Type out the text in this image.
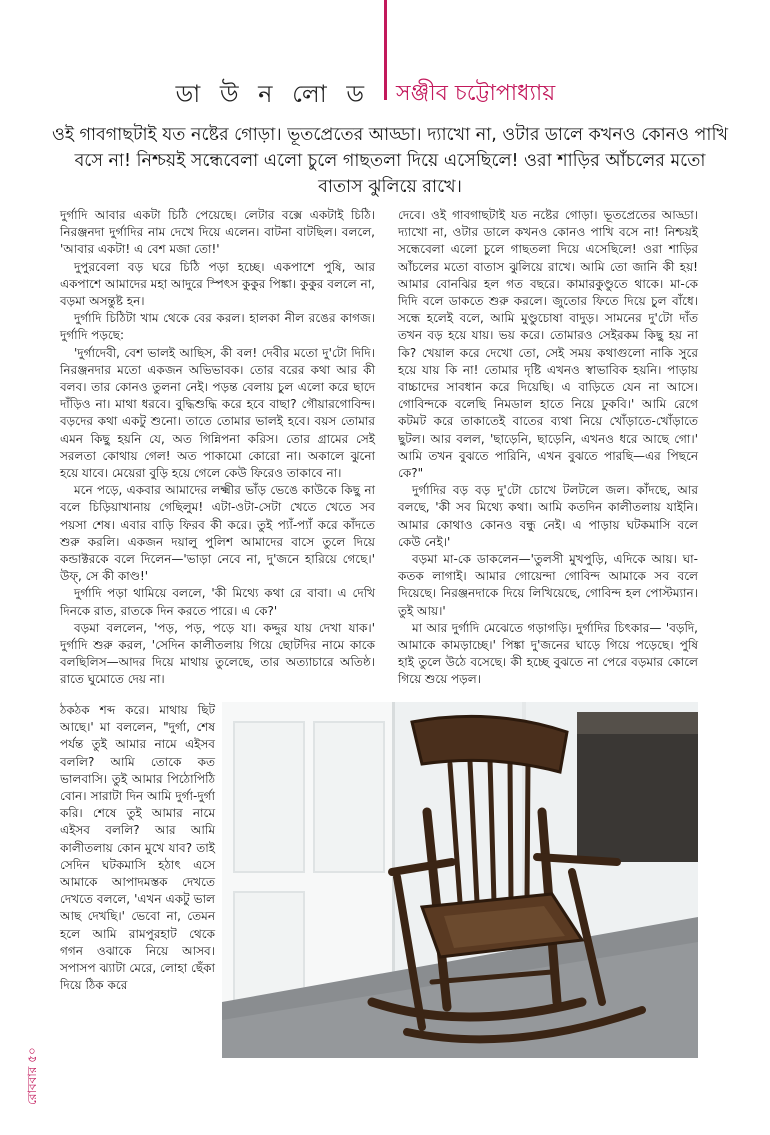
ডা উ ন লো ড সঞ্জীব চট্টোপাধ্যায়
ওই গাবগাছটাই যত নষ্টের গোড়া। ভূতপ্রেতের আড্ডা। দ্যাখো না, ওটার ডালে কখনও কোনও পাখি বসে না! নিশ্চয়ই সন্ধেবেলা এলো চুলে গাছতলা দিয়ে এসেছিলে! ওরা শাড়ির আঁচলের মতো বাতাস ঝুলিয়ে রাখে।

দুর্গাদি আবার একটা চিঠি পেয়েছে। লেটার বক্সে একটাই চিঠি। নিরঞ্জনদা দুর্গাদির নাম দেখে দিয়ে এলেন। বাটনা বাটছিল। বললে, 'আবার একটা! এ বেশ মজা তো!'

দুপুরবেলা বড় ঘরে চিঠি পড়া হচ্ছে। একপাশে পুষি, আর একপাশে আমাদের মহা আদুরে স্পিৎস কুকুর পিঙ্কা। কুকুর বললে না, বড়মা অসন্তুষ্ট হন।

দুর্গাদি চিঠিটা খাম থেকে বের করল। হালকা নীল রঙের কাগজ। দুর্গাদি পড়ছে:

'দুর্গাদেবী, বেশ ভালই আছিস, কী বল! দেবীর মতো দু'টো দিদি। নিরঞ্জনদার মতো একজন অভিভাবক। তোর বরের কথা আর কী বলব। তার কোনও তুলনা নেই। পড়ন্ত বেলায় চুল এলো করে ছাদে দাঁড়িও না। মাথা ধরবে। বুদ্ধিশুদ্ধি করে হবে বাছা? গৌয়ারগোবিন্দ। বড়দের কথা একটু শুনো। তাতে তোমার ভালই হবে। বয়স তোমার এমন কিছু হয়নি যে, অত গিন্নিপনা করিস। তোর গ্রামের সেই সরলতা কোথায় গেল! অত পাকামো কোরো না। অকালে ঝুনো হয়ে যাবে। মেয়েরা বুড়ি হয়ে গেলে কেউ ফিরেও তাকাবে না।

মনে পড়ে, একবার আমাদের লক্ষ্মীর ভাঁড় ভেঙে কাউকে কিছু না বলে চিড়িয়াখানায় গেছিলুম! এটা-ওটা-সেটা খেতে খেতে সব পয়সা শেষ। এবার বাড়ি ফিরব কী করে। তুই প্যাঁ-প্যাঁ করে কাঁদতে শুরু করলি। একজন দয়ালু পুলিশ আমাদের বাসে তুলে দিয়ে কন্ডাক্টরকে বলে দিলেন—'ভাড়া নেবে না, দু'জনে হারিয়ে গেছে।' উফ্, সে কী কাণ্ড!'

দুর্গাদি পড়া থামিয়ে বললে, 'কী মিথ্যে কথা রে বাবা। এ দেখি দিনকে রাত, রাতকে দিন করতে পারে। এ কে?'

বড়মা বললেন, 'পড়, পড়, পড়ে যা। কদ্দুর যায় দেখা যাক।' দুর্গাদি শুরু করল, 'সেদিন কালীতলায় গিয়ে ছোটদির নামে কাকে বলছিলিস—আদর দিয়ে মাথায় তুলেছে, তার অত্যাচারে অতিষ্ঠ। রাতে ঘুমোতে দেয় না।

ঠকঠক শব্দ করে। মাথায় ছিট আছে।' মা বললেন, "দুর্গা, শেষ পর্যন্ত তুই আমার নামে এইসব বললি? আমি তোকে কত ভালবাসি। তুই আমার পিঠোপিঠি বোন। সারাটা দিন আমি দুর্গা-দুর্গা করি। শেষে তুই আমার নামে এইসব বললি? আর আমি কালীতলায় কোন মুখে যাব? তাই সেদিন ঘটকমাসি হঠাৎ এসে আমাকে আপাদমস্তক দেখতে দেখতে বললে, 'এখন একটু ভাল আছ দেখছি।' ভেবো না, তেমন হলে আমি রামপুরহাট থেকে গগন ওঝাকে নিয়ে আসব। সপাসপ ঝ্যাটা মেরে, লোহা ছেঁকা দিয়ে ঠিক করে

দেবে। ওই গাবগাছটাই যত নষ্টের গোড়া। ভূতপ্রেতের আড্ডা। দ্যাখো না, ওটার ডালে কখনও কোনও পাখি বসে না! নিশ্চয়ই সন্ধেবেলা এলো চুলে গাছতলা দিয়ে এসেছিলে! ওরা শাড়ির আঁচলের মতো বাতাস ঝুলিয়ে রাখে। আমি তো জানি কী হয়! আমার বোনঝির হল গত বছরে। কামারকুণ্ডুতে থাকে। মা-কে দিদি বলে ডাকতে শুরু করলে। জুতোর ফিতে দিয়ে চুল বাঁধে। সন্ধে হলেই বলে, আমি মুণ্ডুচোষা বাদুড়। সামনের দু'টো দাঁত তখন বড় হয়ে যায়। ভয় করে। তোমারও সেইরকম কিছু হয় না কি? খেয়াল করে দেখো তো, সেই সময় কথাগুলো নাকি সুরে হয়ে যায় কি না! তোমার দৃষ্টি এখনও স্বাভাবিক হয়নি। পাড়ায় বাচ্চাদের সাবধান করে দিয়েছি। এ বাড়িতে যেন না আসে। গোবিন্দকে বলেছি নিমডাল হাতে নিয়ে ঢুকবি।' আমি রেগে কটমট করে তাকাতেই বাতের ব্যথা নিয়ে খোঁড়াতে-খোঁড়াতে ছুটল। আর বলল, 'ছাড়েনি, ছাড়েনি, এখনও ধরে আছে গো।' আমি তখন বুঝতে পারিনি, এখন বুঝতে পারছি—এর পিছনে কে?"

দুর্গাদির বড় বড় দু'টো চোখে টলটলে জল। কাঁদছে, আর বলছে, 'কী সব মিথ্যে কথা। আমি কতদিন কালীতলায় যাইনি। আমার কোথাও কোনও বন্ধু নেই। এ পাড়ায় ঘটকমাসি বলে কেউ নেই।'

বড়মা মা-কে ডাকলেন—'তুলসী মুখপুড়ি, এদিকে আয়। ঘা-কতক লাগাই। আমার গোয়েন্দা গোবিন্দ আমাকে সব বলে দিয়েছে। নিরঞ্জনদাকে দিয়ে লিখিয়েছে, গোবিন্দ হল পোস্টম্যান। তুই আয়।'

মা আর দুর্গাদি মেঝেতে গড়াগড়ি। দুর্গাদির চিৎকার— 'বড়দি, আমাকে কামড়াচ্ছে।' পিঙ্কা দু'জনের ঘাড়ে গিয়ে পড়েছে। পুষি হাই তুলে উঠে বসেছে। কী হচ্ছে বুঝতে না পেরে বড়মার কোলে গিয়ে শুয়ে পড়ল।

রোববার ৫০
